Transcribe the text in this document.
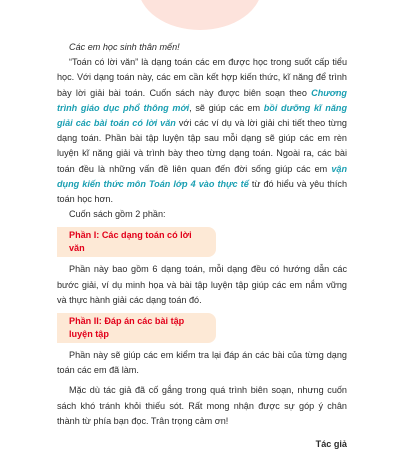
Các em học sinh thân mến!

“Toán có lời văn” là dạng toán các em được học trong suốt cấp tiểu học. Với dạng toán này, các em cần kết hợp kiến thức, kĩ năng để trình bày lời giải bài toán. Cuốn sách này được biên soạn theo Chương trình giáo dục phổ thông mới, sẽ giúp các em bồi dưỡng kĩ năng giải các bài toán có lời văn với các ví dụ và lời giải chi tiết theo từng dạng toán. Phần bài tập luyện tập sau mỗi dạng sẽ giúp các em rèn luyện kĩ năng giải và trình bày theo từng dạng toán. Ngoài ra, các bài toán đều là những vấn đề liên quan đến đời sống giúp các em vận dụng kiến thức môn Toán lớp 4 vào thực tế từ đó hiểu và yêu thích toán học hơn.

Cuốn sách gồm 2 phần:

Phần I: Các dạng toán có lời văn

Phần này bao gồm 6 dạng toán, mỗi dạng đều có hướng dẫn các bước giải, ví dụ minh họa và bài tập luyện tập giúp các em nắm vững và thực hành giải các dạng toán đó.

Phần II: Đáp án các bài tập luyện tập

Phần này sẽ giúp các em kiểm tra lại đáp án các bài của từng dạng toán các em đã làm.

Mặc dù tác giả đã cố gắng trong quá trình biên soạn, nhưng cuốn sách khó tránh khỏi thiếu sót. Rất mong nhận được sự góp ý chân thành từ phía bạn đọc. Trân trọng cảm ơn!

Tác giả
